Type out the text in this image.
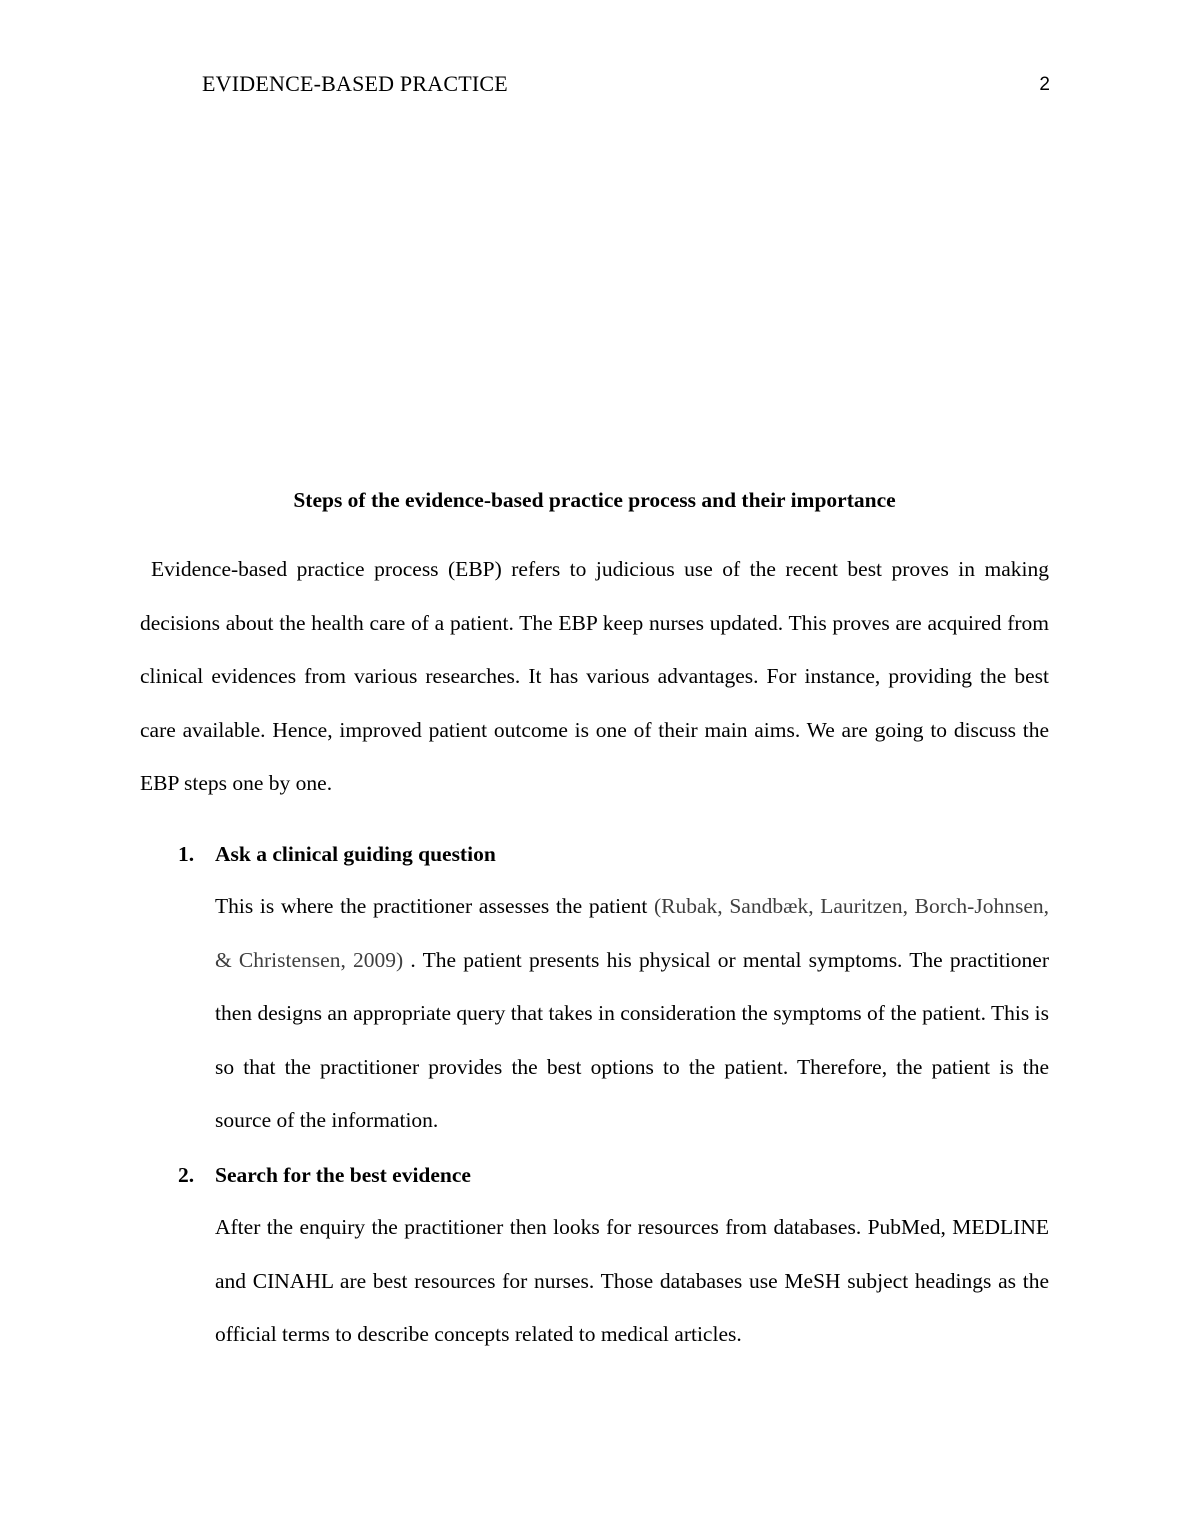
EVIDENCE-BASED PRACTICE	2
Steps of the evidence-based practice process and their importance

Evidence-based practice process (EBP) refers to judicious use of the recent best proves in making decisions about the health care of a patient. The EBP keep nurses updated. This proves are acquired from clinical evidences from various researches. It has various advantages. For instance, providing the best care available. Hence, improved patient outcome is one of their main aims. We are going to discuss the EBP steps one by one.

1. Ask a clinical guiding question

This is where the practitioner assesses the patient (Rubak, Sandbæk, Lauritzen, Borch-Johnsen, & Christensen, 2009) . The patient presents his physical or mental symptoms. The practitioner then designs an appropriate query that takes in consideration the symptoms of the patient. This is so that the practitioner provides the best options to the patient. Therefore, the patient is the source of the information.

2. Search for the best evidence

After the enquiry the practitioner then looks for resources from databases. PubMed, MEDLINE and CINAHL are best resources for nurses. Those databases use MeSH subject headings as the official terms to describe concepts related to medical articles.
